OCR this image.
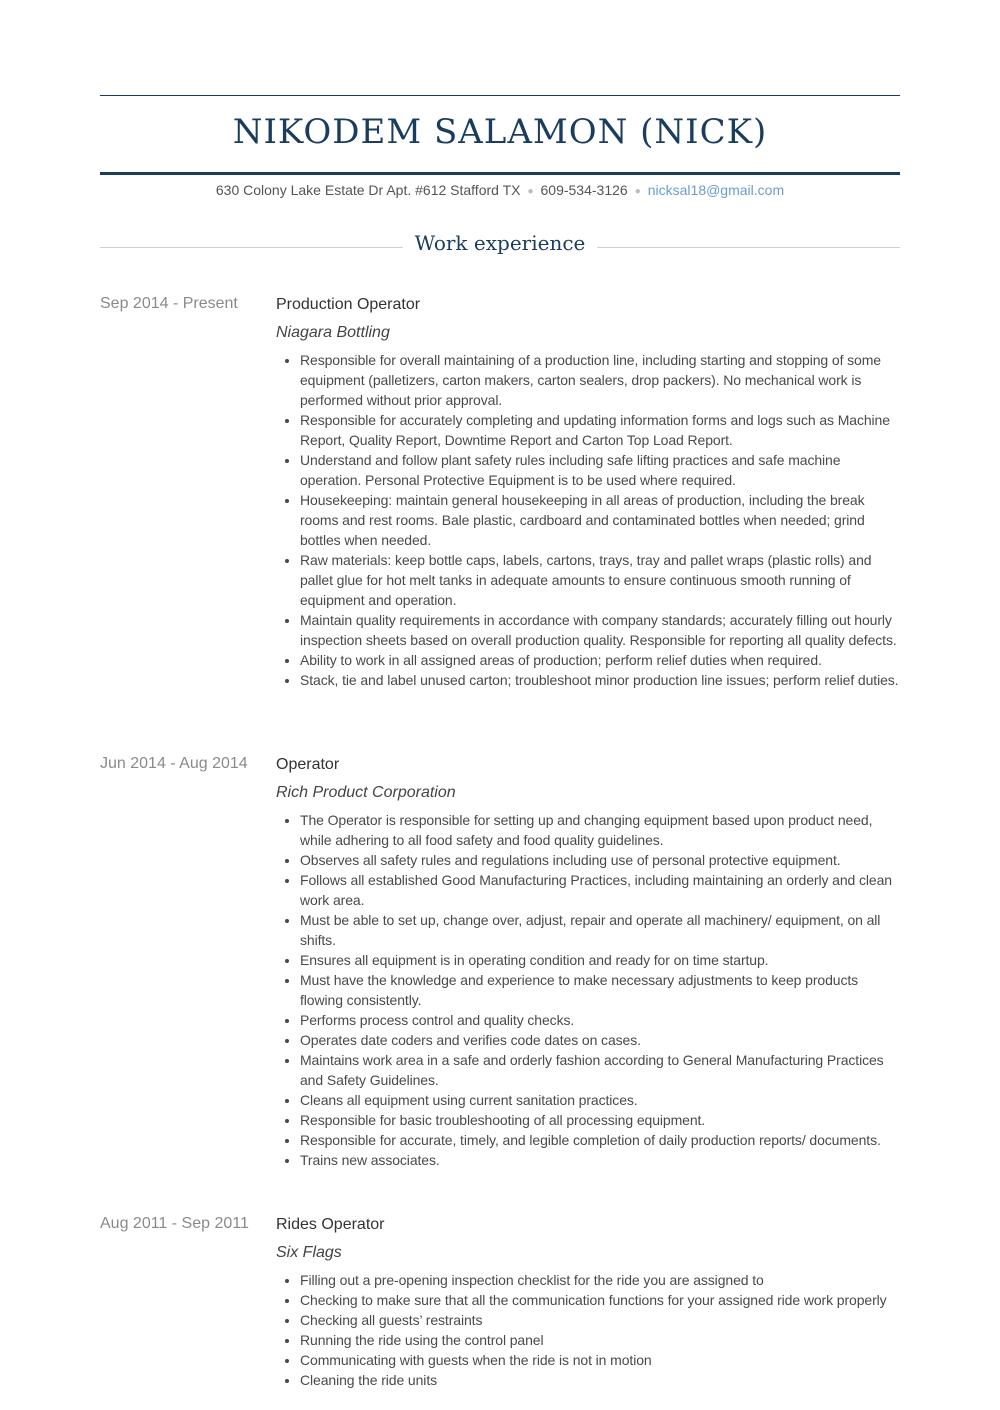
NIKODEM SALAMON (NICK)
630 Colony Lake Estate Dr Apt. #612 Stafford TX ● 609-534-3126 ● nicksal18@gmail.com
Work experience
Sep 2014 - Present Production Operator
Niagara Bottling
• Responsible for overall maintaining of a production line, including starting and stopping of some equipment (palletizers, carton makers, carton sealers, drop packers). No mechanical work is performed without prior approval.
• Responsible for accurately completing and updating information forms and logs such as Machine Report, Quality Report, Downtime Report and Carton Top Load Report.
• Understand and follow plant safety rules including safe lifting practices and safe machine operation. Personal Protective Equipment is to be used where required.
• Housekeeping: maintain general housekeeping in all areas of production, including the break rooms and rest rooms. Bale plastic, cardboard and contaminated bottles when needed; grind bottles when needed.
• Raw materials: keep bottle caps, labels, cartons, trays, tray and pallet wraps (plastic rolls) and pallet glue for hot melt tanks in adequate amounts to ensure continuous smooth running of equipment and operation.
• Maintain quality requirements in accordance with company standards; accurately filling out hourly inspection sheets based on overall production quality. Responsible for reporting all quality defects.
• Ability to work in all assigned areas of production; perform relief duties when required.
• Stack, tie and label unused carton; troubleshoot minor production line issues; perform relief duties.
Jun 2014 - Aug 2014 Operator
Rich Product Corporation
• The Operator is responsible for setting up and changing equipment based upon product need, while adhering to all food safety and food quality guidelines.
• Observes all safety rules and regulations including use of personal protective equipment.
• Follows all established Good Manufacturing Practices, including maintaining an orderly and clean work area.
• Must be able to set up, change over, adjust, repair and operate all machinery/ equipment, on all shifts.
• Ensures all equipment is in operating condition and ready for on time startup.
• Must have the knowledge and experience to make necessary adjustments to keep products flowing consistently.
• Performs process control and quality checks.
• Operates date coders and verifies code dates on cases.
• Maintains work area in a safe and orderly fashion according to General Manufacturing Practices and Safety Guidelines.
• Cleans all equipment using current sanitation practices.
• Responsible for basic troubleshooting of all processing equipment.
• Responsible for accurate, timely, and legible completion of daily production reports/ documents.
• Trains new associates.
Aug 2011 - Sep 2011 Rides Operator
Six Flags
• Filling out a pre-opening inspection checklist for the ride you are assigned to
• Checking to make sure that all the communication functions for your assigned ride work properly
• Checking all guests’ restraints
• Running the ride using the control panel
• Communicating with guests when the ride is not in motion
• Cleaning the ride units
